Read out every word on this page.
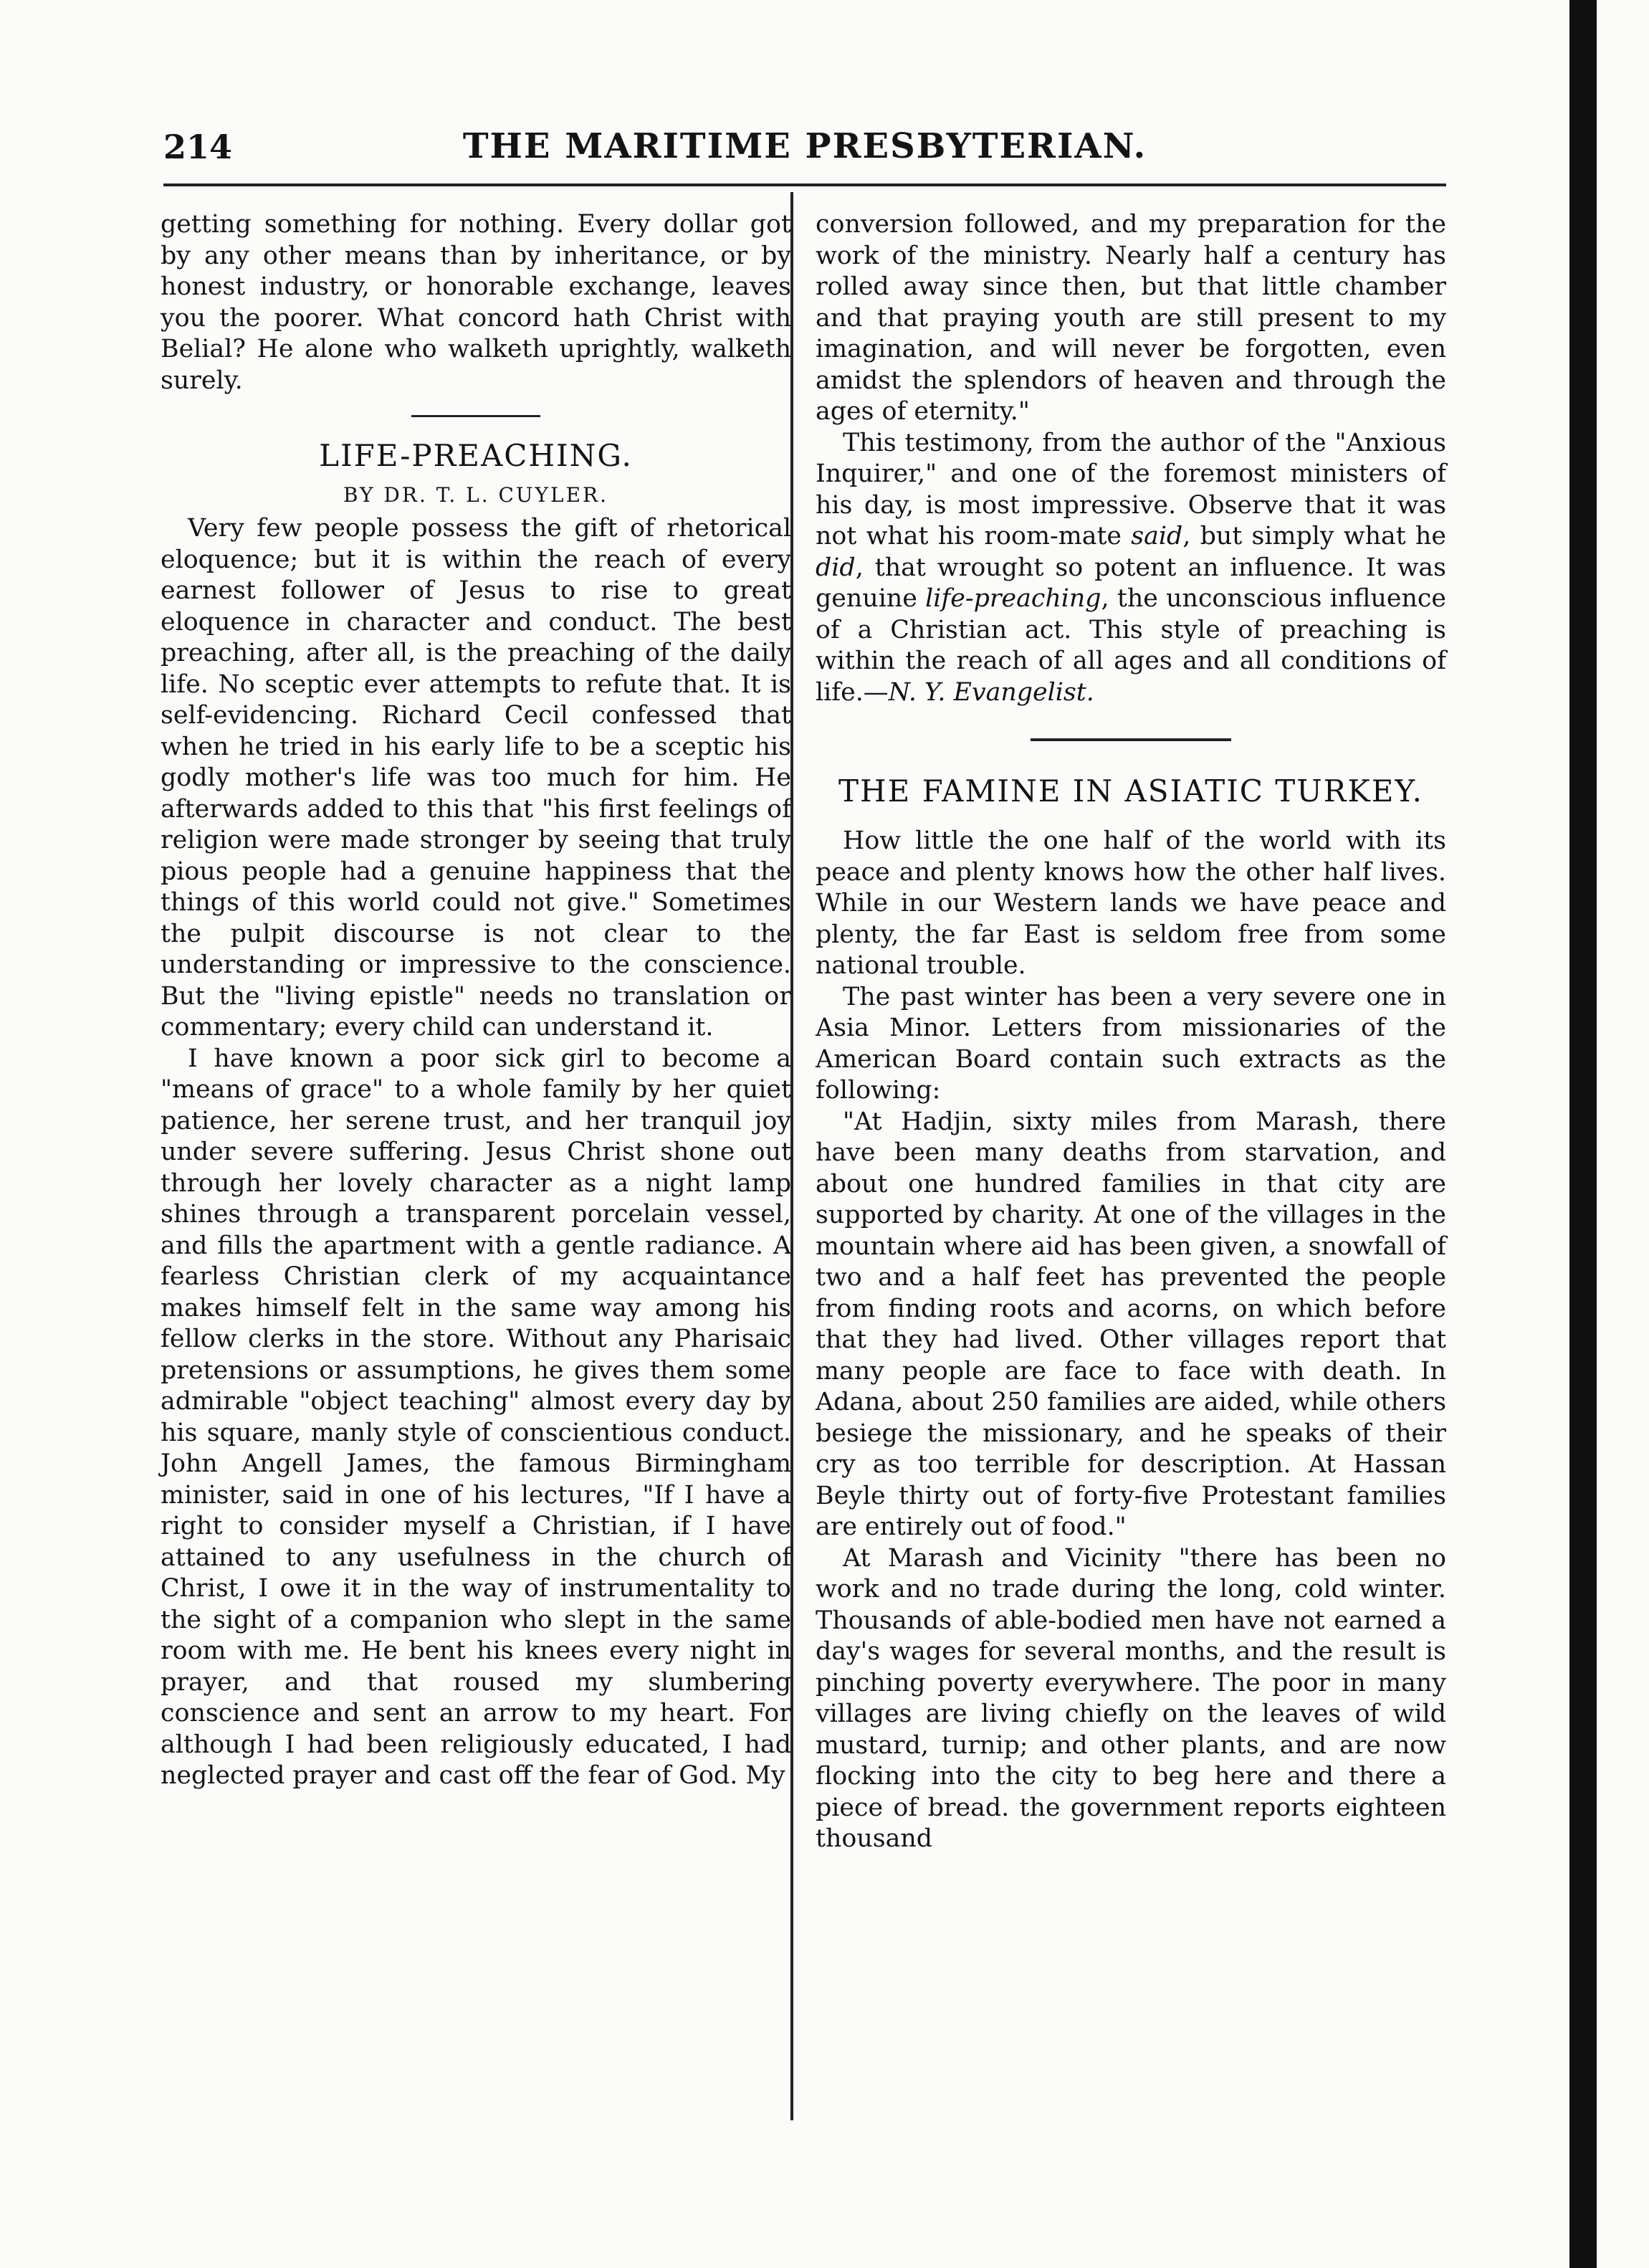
214	THE MARITIME PRESBYTERIAN.

getting something for nothing. Every dollar got by any other means than by inheritance, or by honest industry, or honorable exchange, leaves you the poorer. What concord hath Christ with Belial? He alone who walketh uprightly, walketh surely.

LIFE-PREACHING.
BY DR. T. L. CUYLER.

Very few people possess the gift of rhetorical eloquence; but it is within the reach of every earnest follower of Jesus to rise to great eloquence in character and conduct. The best preaching, after all, is the preaching of the daily life. No sceptic ever attempts to refute that. It is self-evidencing. Richard Cecil confessed that when he tried in his early life to be a sceptic his godly mother's life was too much for him. He afterwards added to this that "his first feelings of religion were made stronger by seeing that truly pious people had a genuine happiness that the things of this world could not give." Sometimes the pulpit discourse is not clear to the understanding or impressive to the conscience. But the "living epistle" needs no translation or commentary; every child can understand it.

I have known a poor sick girl to become a "means of grace" to a whole family by her quiet patience, her serene trust, and her tranquil joy under severe suffering. Jesus Christ shone out through her lovely character as a night lamp shines through a transparent porcelain vessel, and fills the apartment with a gentle radiance. A fearless Christian clerk of my acquaintance makes himself felt in the same way among his fellow clerks in the store. Without any Pharisaic pretensions or assumptions, he gives them some admirable "object teaching" almost every day by his square, manly style of conscientious conduct. John Angell James, the famous Birmingham minister, said in one of his lectures, "If I have a right to consider myself a Christian, if I have attained to any usefulness in the church of Christ, I owe it in the way of instrumentality to the sight of a companion who slept in the same room with me. He bent his knees every night in prayer, and that roused my slumbering conscience and sent an arrow to my heart. For although I had been religiously educated, I had neglected prayer and cast off the fear of God. My

conversion followed, and my preparation for the work of the ministry. Nearly half a century has rolled away since then, but that little chamber and that praying youth are still present to my imagination, and will never be forgotten, even amidst the splendors of heaven and through the ages of eternity."

This testimony, from the author of the "Anxious Inquirer," and one of the foremost ministers of his day, is most impressive. Observe that it was not what his room-mate said, but simply what he did, that wrought so potent an influence. It was genuine life-preaching, the unconscious influence of a Christian act. This style of preaching is within the reach of all ages and all conditions of life.—N. Y. Evangelist.

THE FAMINE IN ASIATIC TURKEY.

How little the one half of the world with its peace and plenty knows how the other half lives. While in our Western lands we have peace and plenty, the far East is seldom free from some national trouble.

The past winter has been a very severe one in Asia Minor. Letters from missionaries of the American Board contain such extracts as the following:

"At Hadjin, sixty miles from Marash, there have been many deaths from starvation, and about one hundred families in that city are supported by charity. At one of the villages in the mountain where aid has been given, a snowfall of two and a half feet has prevented the people from finding roots and acorns, on which before that they had lived. Other villages report that many people are face to face with death. In Adana, about 250 families are aided, while others besiege the missionary, and he speaks of their cry as too terrible for description. At Hassan Beyle thirty out of forty-five Protestant families are entirely out of food."

At Marash and Vicinity "there has been no work and no trade during the long, cold winter. Thousands of able-bodied men have not earned a day's wages for several months, and the result is pinching poverty everywhere. The poor in many villages are living chiefly on the leaves of wild mustard, turnip; and other plants, and are now flocking into the city to beg here and there a piece of bread. the government reports eighteen thousand
